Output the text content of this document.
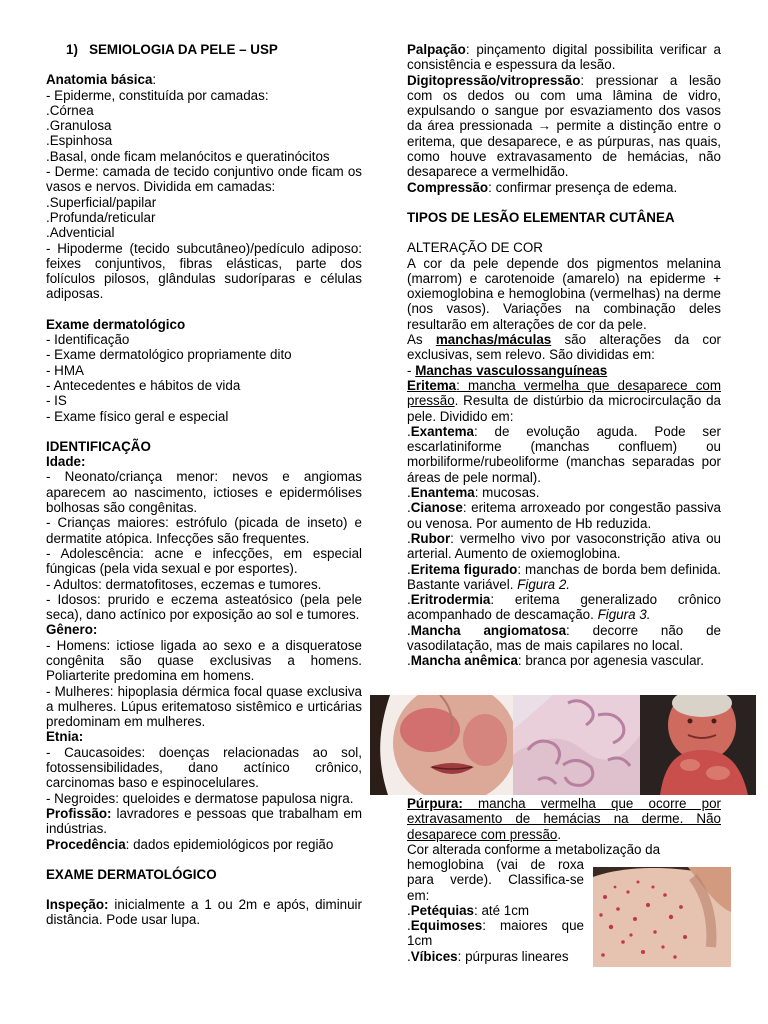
1)   SEMIOLOGIA DA PELE – USP

Anatomia básica:

- Epiderme, constituída por camadas:

.Córnea

.Granulosa

.Espinhosa

.Basal, onde ficam melanócitos e queratinócitos

- Derme: camada de tecido conjuntivo onde ficam os vasos e nervos. Dividida em camadas:

.Superficial/papilar

.Profunda/reticular

.Adventicial

- Hipoderme (tecido subcutâneo)/pedículo adiposo: feixes conjuntivos, fibras elásticas, parte dos folículos pilosos, glândulas sudoríparas e células adiposas.

Exame dermatológico

- Identificação

- Exame dermatológico propriamente dito

- HMA

- Antecedentes e hábitos de vida

- IS

- Exame físico geral e especial

IDENTIFICAÇÃO

Idade:

- Neonato/criança menor: nevos e angiomas aparecem ao nascimento, ictioses e epidermólises bolhosas são congênitas.

- Crianças maiores: estrófulo (picada de inseto) e dermatite atópica. Infecções são frequentes.

- Adolescência: acne e infecções, em especial fúngicas (pela vida sexual e por esportes).

- Adultos: dermatofitoses, eczemas e tumores.

- Idosos: prurido e eczema asteatósico (pela pele seca), dano actínico por exposição ao sol e tumores.

Gênero:

- Homens: ictiose ligada ao sexo e a disqueratose congênita são quase exclusivas a homens. Poliarterite predomina em homens.

- Mulheres: hipoplasia dérmica focal quase exclusiva a mulheres. Lúpus eritematoso sistêmico e urticárias predominam em mulheres.

Etnia:

- Caucasoides: doenças relacionadas ao sol, fotossensibilidades, dano actínico crônico, carcinomas baso e espinocelulares.

- Negroides: queloides e dermatose papulosa nigra.

Profissão: lavradores e pessoas que trabalham em indústrias.

Procedência: dados epidemiológicos por região

EXAME DERMATOLÓGICO

Inspeção: inicialmente a 1 ou 2m e após, diminuir distância. Pode usar lupa.

Palpação: pinçamento digital possibilita verificar a consistência e espessura da lesão.

Digitopressão/vitropressão: pressionar a lesão com os dedos ou com uma lâmina de vidro, expulsando o sangue por esvaziamento dos vasos da área pressionada → permite a distinção entre o eritema, que desaparece, e as púrpuras, nas quais, como houve extravasamento de hemácias, não desaparece a vermelhidão.

Compressão: confirmar presença de edema.

TIPOS DE LESÃO ELEMENTAR CUTÂNEA

ALTERAÇÃO DE COR

A cor da pele depende dos pigmentos melanina (marrom) e carotenoide (amarelo) na epiderme + oxiemoglobina e hemoglobina (vermelhas) na derme (nos vasos). Variações na combinação deles resultarão em alterações de cor da pele.

As manchas/máculas são alterações da cor exclusivas, sem relevo. São divididas em:

- Manchas vasculossanguíneas

Eritema: mancha vermelha que desaparece com pressão. Resulta de distúrbio da microcirculação da pele. Dividido em:

.Exantema: de evolução aguda. Pode ser escarlatiniforme (manchas confluem) ou morbiliforme/rubeoliforme (manchas separadas por áreas de pele normal).

.Enantema: mucosas.

.Cianose: eritema arroxeado por congestão passiva ou venosa. Por aumento de Hb reduzida.

.Rubor: vermelho vivo por vasoconstrição ativa ou arterial. Aumento de oxiemoglobina.

.Eritema figurado: manchas de borda bem definida. Bastante variável. Figura 2.

.Eritrodermia: eritema generalizado crônico acompanhado de descamação. Figura 3.

.Mancha angiomatosa: decorre não de vasodilatação, mas de mais capilares no local.

.Mancha anêmica: branca por agenesia vascular.

Púrpura: mancha vermelha que ocorre por extravasamento de hemácias na derme. Não desaparece com pressão.

Cor alterada conforme a metabolização da

hemoglobina (vai de roxa para verde). Classifica-se em:

.Petéquias: até 1cm

.Equimoses: maiores que 1cm

.Víbices: púrpuras lineares
